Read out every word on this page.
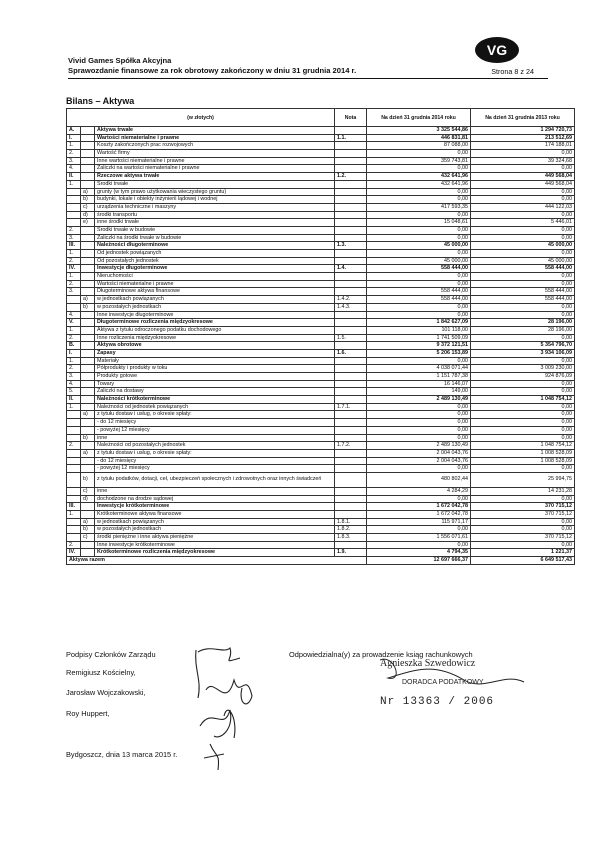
Vivid Games Spółka Akcyjna
Sprawozdanie finansowe za rok obrotowy zakończony w dniu 31 grudnia 2014 r.	Strona 8 z 24
VG
Bilans – Aktywa
(w złotych)			Nota	Na dzień 31 grudnia 2014 roku	Na dzień 31 grudnia 2013 roku
A.		Aktywa trwałe		3 325 544,86	1 294 720,73
I.		Wartości niematerialne i prawne	1.1.	446 831,81	213 512,69
1.		Koszty zakończonych prac rozwojowych		87 088,00	174 188,01
2.		Wartość firmy		0,00	0,00
3.		Inne wartości niematerialne i prawne		359 743,81	39 324,68
4.		Zaliczki na wartości niematerialne i prawne		0,00	0,00
II.		Rzeczowe aktywa trwałe	1.2.	432 641,96	449 568,04
1.		Środki trwałe		432 641,96	449 568,04
	a)	grunty (w tym prawo użytkowania wieczystego gruntu)		0,00	0,00
	b)	budynki, lokale i obiekty inżynierii lądowej i wodnej		0,00	0,00
	c)	urządzenia techniczne i maszyny		417 593,35	444 122,03
	d)	środki transportu		0,00	0,00
	e)	inne środki trwałe		15 048,61	5 446,01
2.		Środki trwałe w budowie		0,00	0,00
3.		Zaliczki na środki trwałe w budowie		0,00	0,00
III.		Należności długoterminowe	1.3.	45 000,00	45 000,00
1.		Od jednostek powiązanych		0,00	0,00
2.		Od pozostałych jednostek		45 000,00	45 000,00
IV.		Inwestycje długoterminowe	1.4.	558 444,00	558 444,00
1.		Nieruchomości		0,00	0,00
2.		Wartości niematerialne i prawne		0,00	0,00
3.		Długoterminowe aktywa finansowe		558 444,00	558 444,00
	a)	w jednostkach powiązanych	1.4.2.	558 444,00	558 444,00
	b)	w pozostałych jednostkach	1.4.3.	0,00	0,00
4.		Inne inwestycje długoterminowe		0,00	0,00
V.		Długoterminowe rozliczenia międzyokresowe		1 842 627,09	28 196,00
1.		Aktywa z tytułu odroczonego podatku dochodowego		101 118,00	28 196,00
2.		Inne rozliczenia międzyokresowe	1.5.	1 741 509,09	0,00
B.		Aktywa obrotowe		9 372 121,51	5 354 796,70
I.		Zapasy	1.6.	5 206 153,89	3 934 106,09
1.		Materiały		0,00	0,00
2.		Półprodukty i produkty w toku		4 038 071,44	3 009 230,00
3.		Produkty gotowe		1 151 787,38	924 876,09
4.		Towary		16 146,07	0,00
5.		Zaliczki na dostawy		149,00	0,00
II.		Należności krótkoterminowe		2 489 130,49	1 048 754,12
1.		Należności od jednostek powiązanych	1.7.1.	0,00	0,00
	a)	z tytułu dostaw i usług, o okresie spłaty:		0,00	0,00
		- do 12 miesięcy		0,00	0,00
		- powyżej 12 miesięcy		0,00	0,00
	b)	inne		0,00	0,00
2.		Należności od pozostałych jednostek	1.7.2.	2 489 130,49	1 048 754,12
	a)	z tytułu dostaw i usług, o okresie spłaty:		2 004 043,76	1 008 528,09
		- do 12 miesięcy		2 004 043,76	1 008 528,09
		- powyżej 12 miesięcy		0,00	0,00
	b)	z tytułu podatków, dotacji, ceł, ubezpieczeń społecznych i zdrowotnych oraz innych świadczeń		480 802,44	25 994,75
	c)	inne		4 284,29	14 231,28
	d)	dochodzone na drodze sądowej		0,00	0,00
III.		Inwestycje krótkoterminowe		1 672 042,78	370 715,12
1.		Krótkoterminowe aktywa finansowe		1 672 042,78	370 715,12
	a)	w jednostkach powiązanych	1.8.1.	115 971,17	0,00
	b)	w pozostałych jednostkach	1.8.2.	0,00	0,00
	c)	środki pieniężne i inne aktywa pieniężne	1.8.3.	1 556 071,61	370 715,12
2.		Inne inwestycje krótkoterminowe		0,00	0,00
IV.		Krótkoterminowe rozliczenia międzyokresowe	1.9.	4 794,35	1 221,37
Aktywa razem				12 697 666,37	6 649 517,43
Podpisy Członków Zarządu
Remigiusz Kościelny,
Jarosław Wojczakowski,
Roy Huppert,
Odpowiedzialna(y) za prowadzenie ksiąg rachunkowych
Bydgoszcz, dnia 13 marca 2015 r.
Agnieszka Szwedowicz
DORADCA PODATKOWY
Nr 13363 / 2006
